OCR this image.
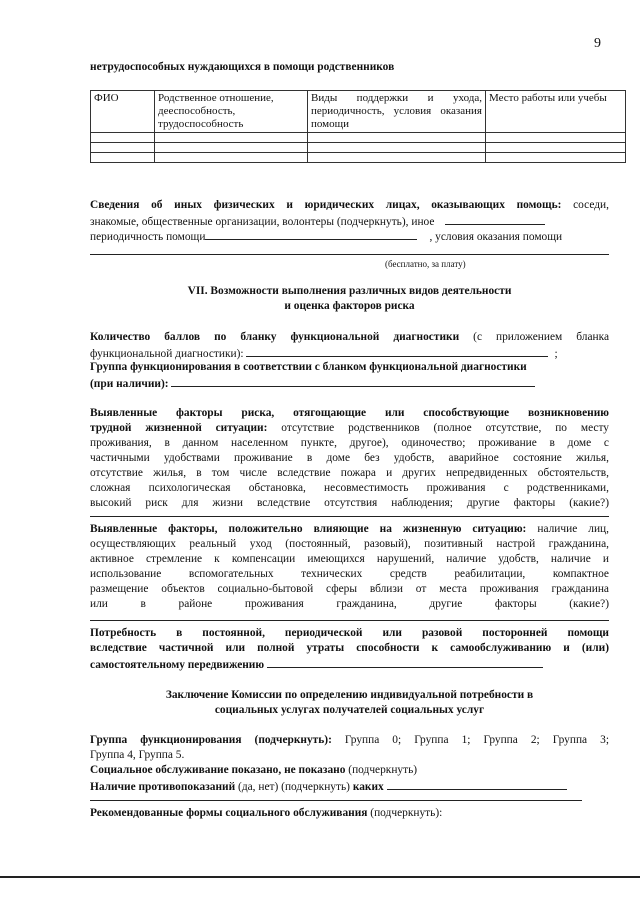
9
нетрудоспособных нуждающихся в помощи родственников
ФИО	Родственное отношение, дееспособность, трудоспособность	Виды поддержки и ухода, периодичность, условия оказания помощи	Место работы или учебы

Сведения об иных физических и юридических лицах, оказывающих помощь: соседи,
знакомые, общественные организации, волонтеры (подчеркнуть), иное
периодичность помощи	, условия оказания помощи
(бесплатно, за плату)
VII. Возможности выполнения различных видов деятельности
и оценка факторов риска
Количество баллов по бланку функциональной диагностики (с приложением бланка
функциональной диагностики):	;
Группа функционирования в соответствии с бланком функциональной диагностики
(при наличии):
Выявленные факторы риска, отягощающие или способствующие возникновению
трудной жизненной ситуации: отсутствие родственников (полное отсутствие, по месту
проживания, в данном населенном пункте, другое), одиночество; проживание в доме с
частичными удобствами проживание в доме без удобств, аварийное состояние жилья,
отсутствие жилья, в том числе вследствие пожара и других непредвиденных обстоятельств,
сложная психологическая обстановка, несовместимость проживания с родственниками,
высокий риск для жизни вследствие отсутствия наблюдения; другие факторы (какие?)
Выявленные факторы, положительно влияющие на жизненную ситуацию: наличие лиц,
осуществляющих реальный уход (постоянный, разовый), позитивный настрой гражданина,
активное стремление к компенсации имеющихся нарушений, наличие удобств, наличие и
использование вспомогательных технических средств реабилитации, компактное
размещение объектов социально-бытовой сферы вблизи от места проживания гражданина
или в районе проживания гражданина, другие факторы (какие?)
Потребность в постоянной, периодической или разовой посторонней помощи
вследствие частичной или полной утраты способности к самообслуживанию и (или)
самостоятельному передвижению
Заключение Комиссии по определению индивидуальной потребности в
социальных услугах получателей социальных услуг
Группа функционирования (подчеркнуть): Группа 0; Группа 1; Группа 2; Группа 3;
Группа 4, Группа 5.
Социальное обслуживание показано, не показано (подчеркнуть)
Наличие противопоказаний (да, нет) (подчеркнуть) каких
Рекомендованные формы социального обслуживания (подчеркнуть):
